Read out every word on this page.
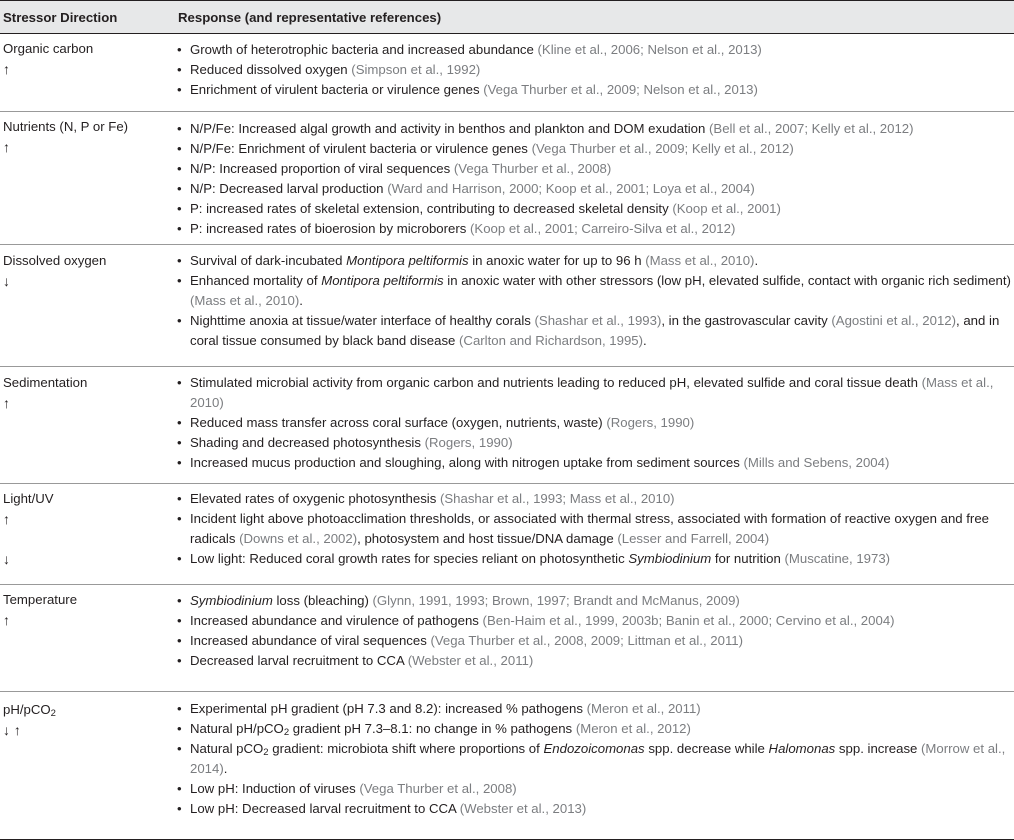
Stressor Direction	Response (and representative references)
Organic carbon
↑
• Growth of heterotrophic bacteria and increased abundance (Kline et al., 2006; Nelson et al., 2013)
• Reduced dissolved oxygen (Simpson et al., 1992)
• Enrichment of virulent bacteria or virulence genes (Vega Thurber et al., 2009; Nelson et al., 2013)
Nutrients (N, P or Fe)
↑
• N/P/Fe: Increased algal growth and activity in benthos and plankton and DOM exudation (Bell et al., 2007; Kelly et al., 2012)
• N/P/Fe: Enrichment of virulent bacteria or virulence genes (Vega Thurber et al., 2009; Kelly et al., 2012)
• N/P: Increased proportion of viral sequences (Vega Thurber et al., 2008)
• N/P: Decreased larval production (Ward and Harrison, 2000; Koop et al., 2001; Loya et al., 2004)
• P: increased rates of skeletal extension, contributing to decreased skeletal density (Koop et al., 2001)
• P: increased rates of bioerosion by microborers (Koop et al., 2001; Carreiro-Silva et al., 2012)
Dissolved oxygen
↓
• Survival of dark-incubated Montipora peltiformis in anoxic water for up to 96 h (Mass et al., 2010).
• Enhanced mortality of Montipora peltiformis in anoxic water with other stressors (low pH, elevated sulfide, contact with organic rich sediment)(Mass et al., 2010).
• Nighttime anoxia at tissue/water interface of healthy corals (Shashar et al., 1993), in the gastrovascular cavity (Agostini et al., 2012), and in coral tissue consumed by black band disease (Carlton and Richardson, 1995).
Sedimentation
↑
• Stimulated microbial activity from organic carbon and nutrients leading to reduced pH, elevated sulfide and coral tissue death (Mass et al., 2010)
• Reduced mass transfer across coral surface (oxygen, nutrients, waste) (Rogers, 1990)
• Shading and decreased photosynthesis (Rogers, 1990)
• Increased mucus production and sloughing, along with nitrogen uptake from sediment sources (Mills and Sebens, 2004)
Light/UV
↑
↓
• Elevated rates of oxygenic photosynthesis (Shashar et al., 1993; Mass et al., 2010)
• Incident light above photoacclimation thresholds, or associated with thermal stress, associated with formation of reactive oxygen and free radicals (Downs et al., 2002), photosystem and host tissue/DNA damage (Lesser and Farrell, 2004)
• Low light: Reduced coral growth rates for species reliant on photosynthetic Symbiodinium for nutrition (Muscatine, 1973)
Temperature
↑
• Symbiodinium loss (bleaching) (Glynn, 1991, 1993; Brown, 1997; Brandt and McManus, 2009)
• Increased abundance and virulence of pathogens (Ben-Haim et al., 1999, 2003b; Banin et al., 2000; Cervino et al., 2004)
• Increased abundance of viral sequences (Vega Thurber et al., 2008, 2009; Littman et al., 2011)
• Decreased larval recruitment to CCA (Webster et al., 2011)
pH/pCO$_2$
↓ ↑
• Experimental pH gradient (pH 7.3 and 8.2): increased % pathogens (Meron et al., 2011)
• Natural pH/pCO$_2$ gradient pH 7.3–8.1: no change in % pathogens (Meron et al., 2012)
• Natural pCO$_2$ gradient: microbiota shift where proportions of Endozoicomonas spp. decrease while Halomonas spp. increase (Morrow et al., 2014).
• Low pH: Induction of viruses (Vega Thurber et al., 2008)
• Low pH: Decreased larval recruitment to CCA (Webster et al., 2013)
